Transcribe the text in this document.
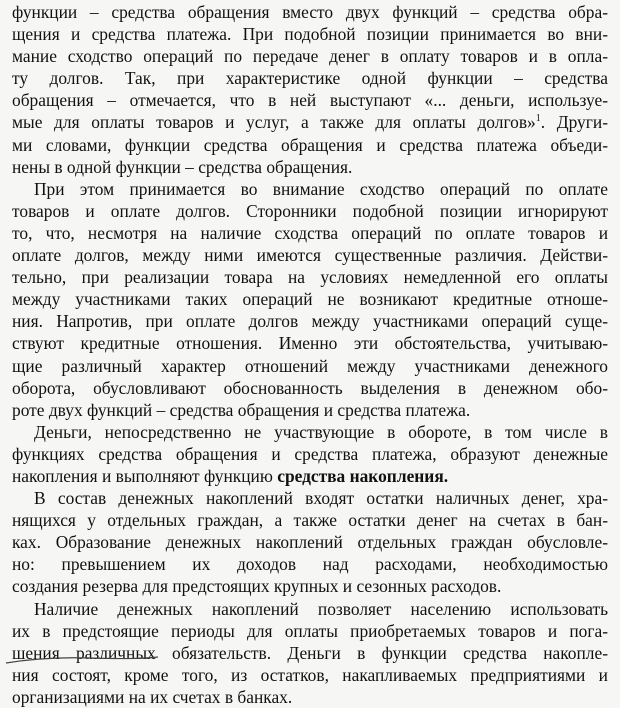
функции – средства обращения вместо двух функций – средства обра-
щения и средства платежа. При подобной позиции принимается во вни-
мание сходство операций по передаче денег в оплату товаров и в опла-
ту долгов. Так, при характеристике одной функции – средства
обращения – отмечается, что в ней выступают «... деньги, используе-
мые для оплаты товаров и услуг, а также для оплаты долгов»$^1$. Други-
ми словами, функции средства обращения и средства платежа объеди-
нены в одной функции – средства обращения.
При этом принимается во внимание сходство операций по оплате
товаров и оплате долгов. Сторонники подобной позиции игнорируют
то, что, несмотря на наличие сходства операций по оплате товаров и
оплате долгов, между ними имеются существенные различия. Действи-
тельно, при реализации товара на условиях немедленной его оплаты
между участниками таких операций не возникают кредитные отноше-
ния. Напротив, при оплате долгов между участниками операций суще-
ствуют кредитные отношения. Именно эти обстоятельства, учитываю-
щие различный характер отношений между участниками денежного
оборота, обусловливают обоснованность выделения в денежном обо-
роте двух функций – средства обращения и средства платежа.
Деньги, непосредственно не участвующие в обороте, в том числе в
функциях средства обращения и средства платежа, образуют денежные
накопления и выполняют функцию средства накопления.
В состав денежных накоплений входят остатки наличных денег, хра-
нящихся у отдельных граждан, а также остатки денег на счетах в бан-
ках. Образование денежных накоплений отдельных граждан обусловле-
но: превышением их доходов над расходами, необходимостью
создания резерва для предстоящих крупных и сезонных расходов.
Наличие денежных накоплений позволяет населению использовать
их в предстоящие периоды для оплаты приобретаемых товаров и пога-
шения различных обязательств. Деньги в функции средства накопле-
ния состоят, кроме того, из остатков, накапливаемых предприятиями и
организациями на их счетах в банках.
